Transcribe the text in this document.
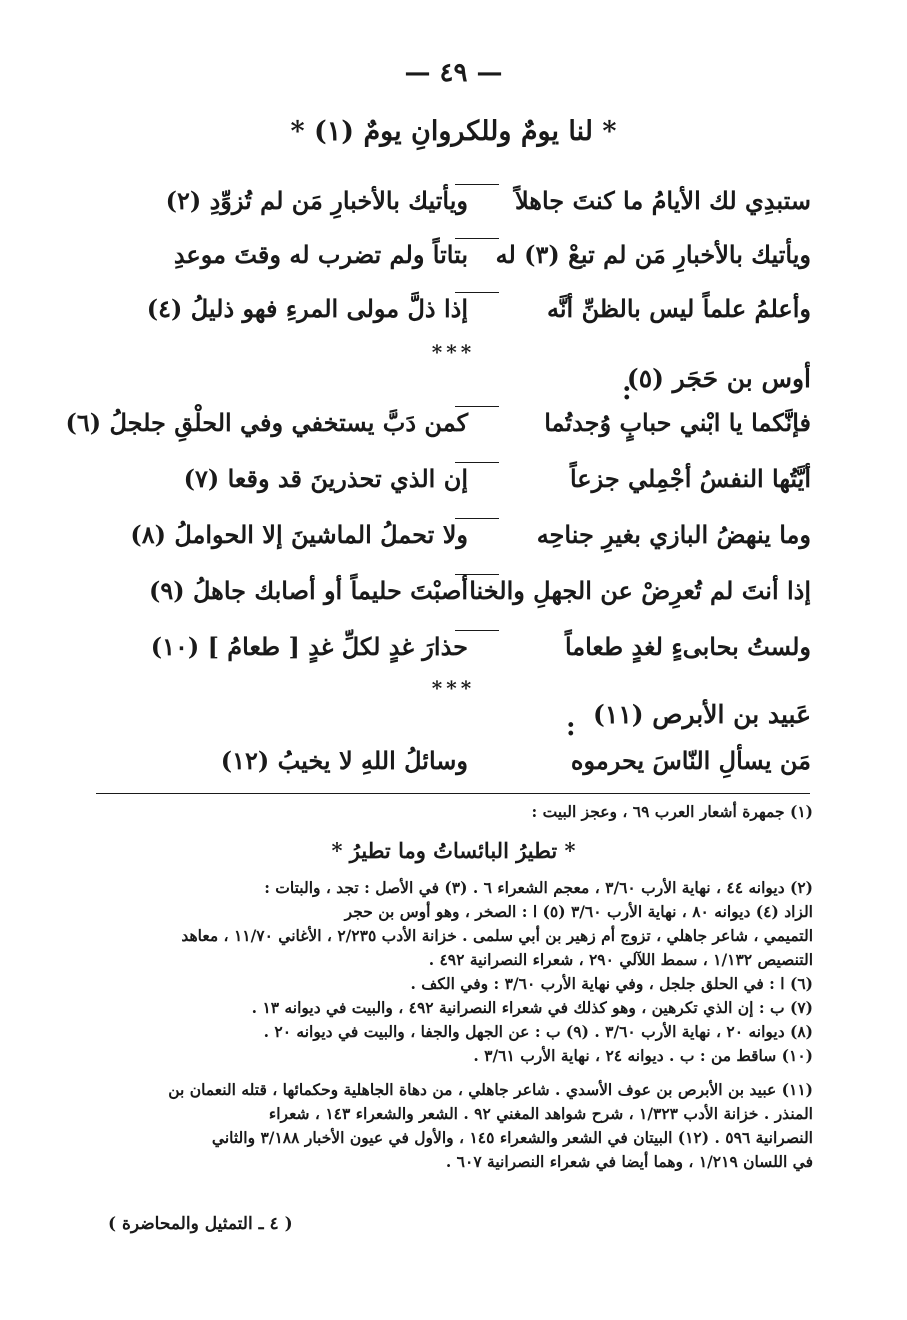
— ٤٩ —
* لنا يومٌ وللكروانِ يومٌ (١) *
ستبدِي لك الأيامُ ما كنتَ جاهلاً
ويأتيك بالأخبارِ مَن لم تُزوِّدِ (٢)
ويأتيك بالأخبارِ مَن لم تبعْ (٣) له
بتاتاً ولم تضرب له وقتَ موعدِ
وأعلمُ علماً ليس بالظنِّ أنَّه
إذا ذلَّ مولى المرءِ فهو ذليلُ (٤)
***
أوس بن حَجَر (٥)
:
فإنَّكما يا ابْني حبابٍ وُجدتُما
كمن دَبَّ يستخفي وفي الحلْقِ جلجلُ (٦)
أيَّتُها النفسُ أجْمِلي جزعاً
إن الذي تحذرينَ قد وقعا (٧)
وما ينهضُ البازي بغيرِ جناحِه
ولا تحملُ الماشينَ إلا الحواملُ (٨)
إذا أنتَ لم تُعرِضْ عن الجهلِ والخنا
أصبْتَ حليماً أو أصابك جاهلُ (٩)
ولستُ بحابىءٍ لغدٍ طعاماً
حذارَ غدٍ لكلِّ غدٍ [ طعامُ ] (١٠)
***
عَبيد بن الأبرص (١١)
:
مَن يسألِ النّاسَ يحرموه
وسائلُ اللهِ لا يخيبُ (١٢)
(١) جمهرة أشعار العرب ٦٩ ، وعجز البيت :
* تطيرُ البائساتُ وما تطيرُ *
(٢) ديوانه ٤٤ ، نهاية الأرب ٣/٦٠ ، معجم الشعراء ٦ . (٣) في الأصل : تجد ، والبتات :
الزاد (٤) ديوانه ٨٠ ، نهاية الأرب ٣/٦٠ (٥) ا : الصخر ، وهو أوس بن حجر
التميمي ، شاعر جاهلي ، تزوج أم زهير بن أبي سلمى . خزانة الأدب ٢/٢٣٥ ، الأغاني ١١/٧٠ ، معاهد
التنصيص ١/١٣٢ ، سمط اللآلي ٢٩٠ ، شعراء النصرانية ٤٩٢ .
(٦) ا : في الحلق جلجل ، وفي نهاية الأرب ٣/٦٠ : وفي الكف .
(٧) ب : إن الذي تكرهين ، وهو كذلك في شعراء النصرانية ٤٩٢ ، والبيت في ديوانه ١٣ .
(٨) ديوانه ٢٠ ، نهاية الأرب ٣/٦٠ . (٩) ب : عن الجهل والجفا ، والبيت في ديوانه ٢٠ .
(١٠) ساقط من : ب . ديوانه ٢٤ ، نهاية الأرب ٣/٦١ .
(١١) عبيد بن الأبرص بن عوف الأسدي . شاعر جاهلي ، من دهاة الجاهلية وحكمائها ، قتله النعمان بن
المنذر . خزانة الأدب ١/٣٢٣ ، شرح شواهد المغني ٩٢ . الشعر والشعراء ١٤٣ ، شعراء
النصرانية ٥٩٦ . (١٢) البيتان في الشعر والشعراء ١٤٥ ، والأول في عيون الأخبار ٣/١٨٨ والثاني
في اللسان ١/٢١٩ ، وهما أيضا في شعراء النصرانية ٦٠٧ .
( ٤ ـ التمثيل والمحاضرة )
